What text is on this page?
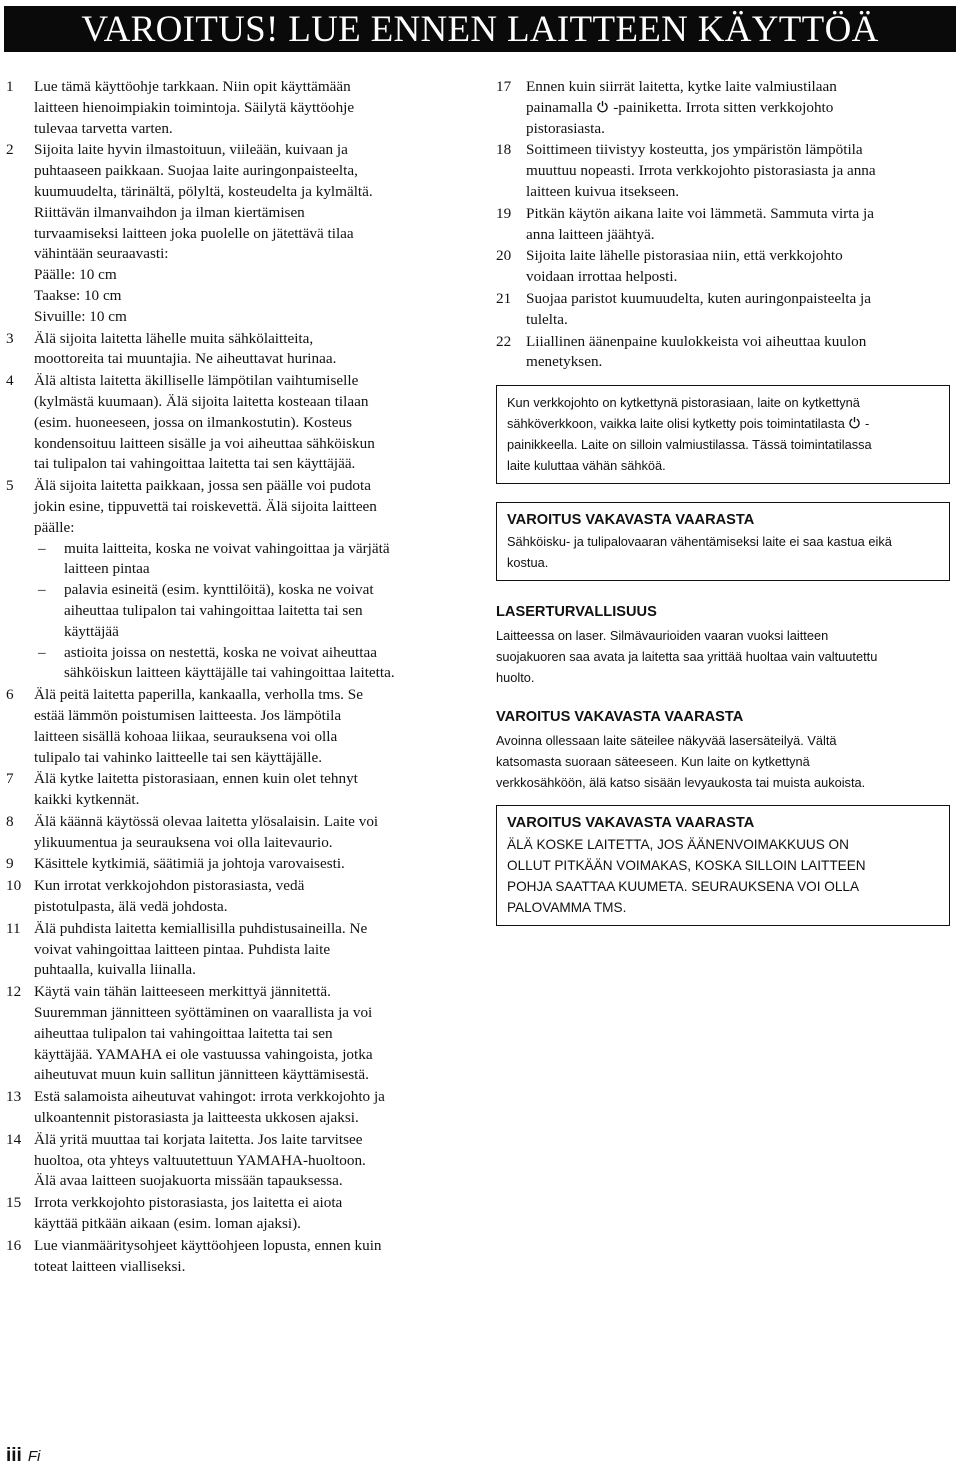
VAROITUS! LUE ENNEN LAITTEEN KÄYTTÖÄ
1	Lue tämä käyttöohje tarkkaan. Niin opit käyttämään
laitteen hienoimpiakin toimintoja. Säilytä käyttöohje
tulevaa tarvetta varten.

2	Sijoita laite hyvin ilmastoituun, viileään, kuivaan ja
puhtaaseen paikkaan. Suojaa laite auringonpaisteelta,
kuumuudelta, tärinältä, pölyltä, kosteudelta ja kylmältä.
Riittävän ilmanvaihdon ja ilman kiertämisen
turvaamiseksi laitteen joka puolelle on jätettävä tilaa
vähintään seuraavasti:
Päälle: 10 cm
Taakse: 10 cm
Sivuille: 10 cm

3	Älä sijoita laitetta lähelle muita sähkölaitteita,
moottoreita tai muuntajia. Ne aiheuttavat hurinaa.

4	Älä altista laitetta äkilliselle lämpötilan vaihtumiselle
(kylmästä kuumaan). Älä sijoita laitetta kosteaan tilaan
(esim. huoneeseen, jossa on ilmankostutin). Kosteus
kondensoituu laitteen sisälle ja voi aiheuttaa sähköiskun
tai tulipalon tai vahingoittaa laitetta tai sen käyttäjää.

5	Älä sijoita laitetta paikkaan, jossa sen päälle voi pudota
jokin esine, tippuvettä tai roiskevettä. Älä sijoita laitteen
päälle:

–	muita laitteita, koska ne voivat vahingoittaa ja värjätä
laitteen pintaa
–	palavia esineitä (esim. kynttilöitä), koska ne voivat
aiheuttaa tulipalon tai vahingoittaa laitetta tai sen
käyttäjää
–	astioita joissa on nestettä, koska ne voivat aiheuttaa
sähköiskun laitteen käyttäjälle tai vahingoittaa laitetta.
6	Älä peitä laitetta paperilla, kankaalla, verholla tms. Se
estää lämmön poistumisen laitteesta. Jos lämpötila
laitteen sisällä kohoaa liikaa, seurauksena voi olla
tulipalo tai vahinko laitteelle tai sen käyttäjälle.

7	Älä kytke laitetta pistorasiaan, ennen kuin olet tehnyt
kaikki kytkennät.

8	Älä käännä käytössä olevaa laitetta ylösalaisin. Laite voi
ylikuumentua ja seurauksena voi olla laitevaurio.

9	Käsittele kytkimiä, säätimiä ja johtoja varovaisesti.

10 Kun irrotat verkkojohdon pistorasiasta, vedä
pistotulpasta, älä vedä johdosta.

11 Älä puhdista laitetta kemiallisilla puhdistusaineilla. Ne
voivat vahingoittaa laitteen pintaa. Puhdista laite
puhtaalla, kuivalla liinalla.

12 Käytä vain tähän laitteeseen merkittyä jännitettä.
Suuremman jännitteen syöttäminen on vaarallista ja voi
aiheuttaa tulipalon tai vahingoittaa laitetta tai sen
käyttäjää. YAMAHA ei ole vastuussa vahingoista, jotka
aiheutuvat muun kuin sallitun jännitteen käyttämisestä.

13 Estä salamoista aiheutuvat vahingot: irrota verkkojohto ja
ulkoantennit pistorasiasta ja laitteesta ukkosen ajaksi.

14 Älä yritä muuttaa tai korjata laitetta. Jos laite tarvitsee
huoltoa, ota yhteys valtuutettuun YAMAHA-huoltoon.
Älä avaa laitteen suojakuorta missään tapauksessa.

15 Irrota verkkojohto pistorasiasta, jos laitetta ei aiota
käyttää pitkään aikaan (esim. loman ajaksi).

16 Lue vianmääritysohjeet käyttöohjeen lopusta, ennen kuin
toteat laitteen vialliseksi.

17 Ennen kuin siirrät laitetta, kytke laite valmiustilaan
painamalla
-painiketta. Irrota sitten verkkojohto
pistorasiasta.

18 Soittimeen tiivistyy kosteutta, jos ympäristön lämpötila
muuttuu nopeasti. Irrota verkkojohto pistorasiasta ja anna
laitteen kuivua itsekseen.

19 Pitkän käytön aikana laite voi lämmetä. Sammuta virta ja
anna laitteen jäähtyä.

20 Sijoita laite lähelle pistorasiaa niin, että verkkojohto
voidaan irrottaa helposti.

21 Suojaa paristot kuumuudelta, kuten auringonpaisteelta ja
tulelta.

22 Liiallinen äänenpaine kuulokkeista voi aiheuttaa kuulon
menetyksen.

Kun verkkojohto on kytkettynä pistorasiaan, laite on kytkettynä
sähköverkkoon, vaikka laite olisi kytketty pois toimintatilasta
-
painikkeella. Laite on silloin valmiustilassa. Tässä toimintatilassa
laite kuluttaa vähän sähköä.

VAROITUS VAKAVASTA VAARASTA

Sähköisku- ja tulipalovaaran vähentämiseksi laite ei saa kastua eikä
kostua.

LASERTURVALLISUUS

Laitteessa on laser. Silmävaurioiden vaaran vuoksi laitteen
suojakuoren saa avata ja laitetta saa yrittää huoltaa vain valtuutettu
huolto.

VAROITUS VAKAVASTA VAARASTA

Avoinna ollessaan laite säteilee näkyvää lasersäteilyä. Vältä
katsomasta suoraan säteeseen. Kun laite on kytkettynä
verkkosähköön, älä katso sisään levyaukosta tai muista aukoista.

VAROITUS VAKAVASTA VAARASTA

ÄLÄ KOSKE LAITETTA, JOS ÄÄNENVOIMAKKUUS ON
OLLUT PITKÄÄN VOIMAKAS, KOSKA SILLOIN LAITTEEN
POHJA SAATTAA KUUMETA. SEURAUKSENA VOI OLLA
PALOVAMMA TMS.

iii Fi
